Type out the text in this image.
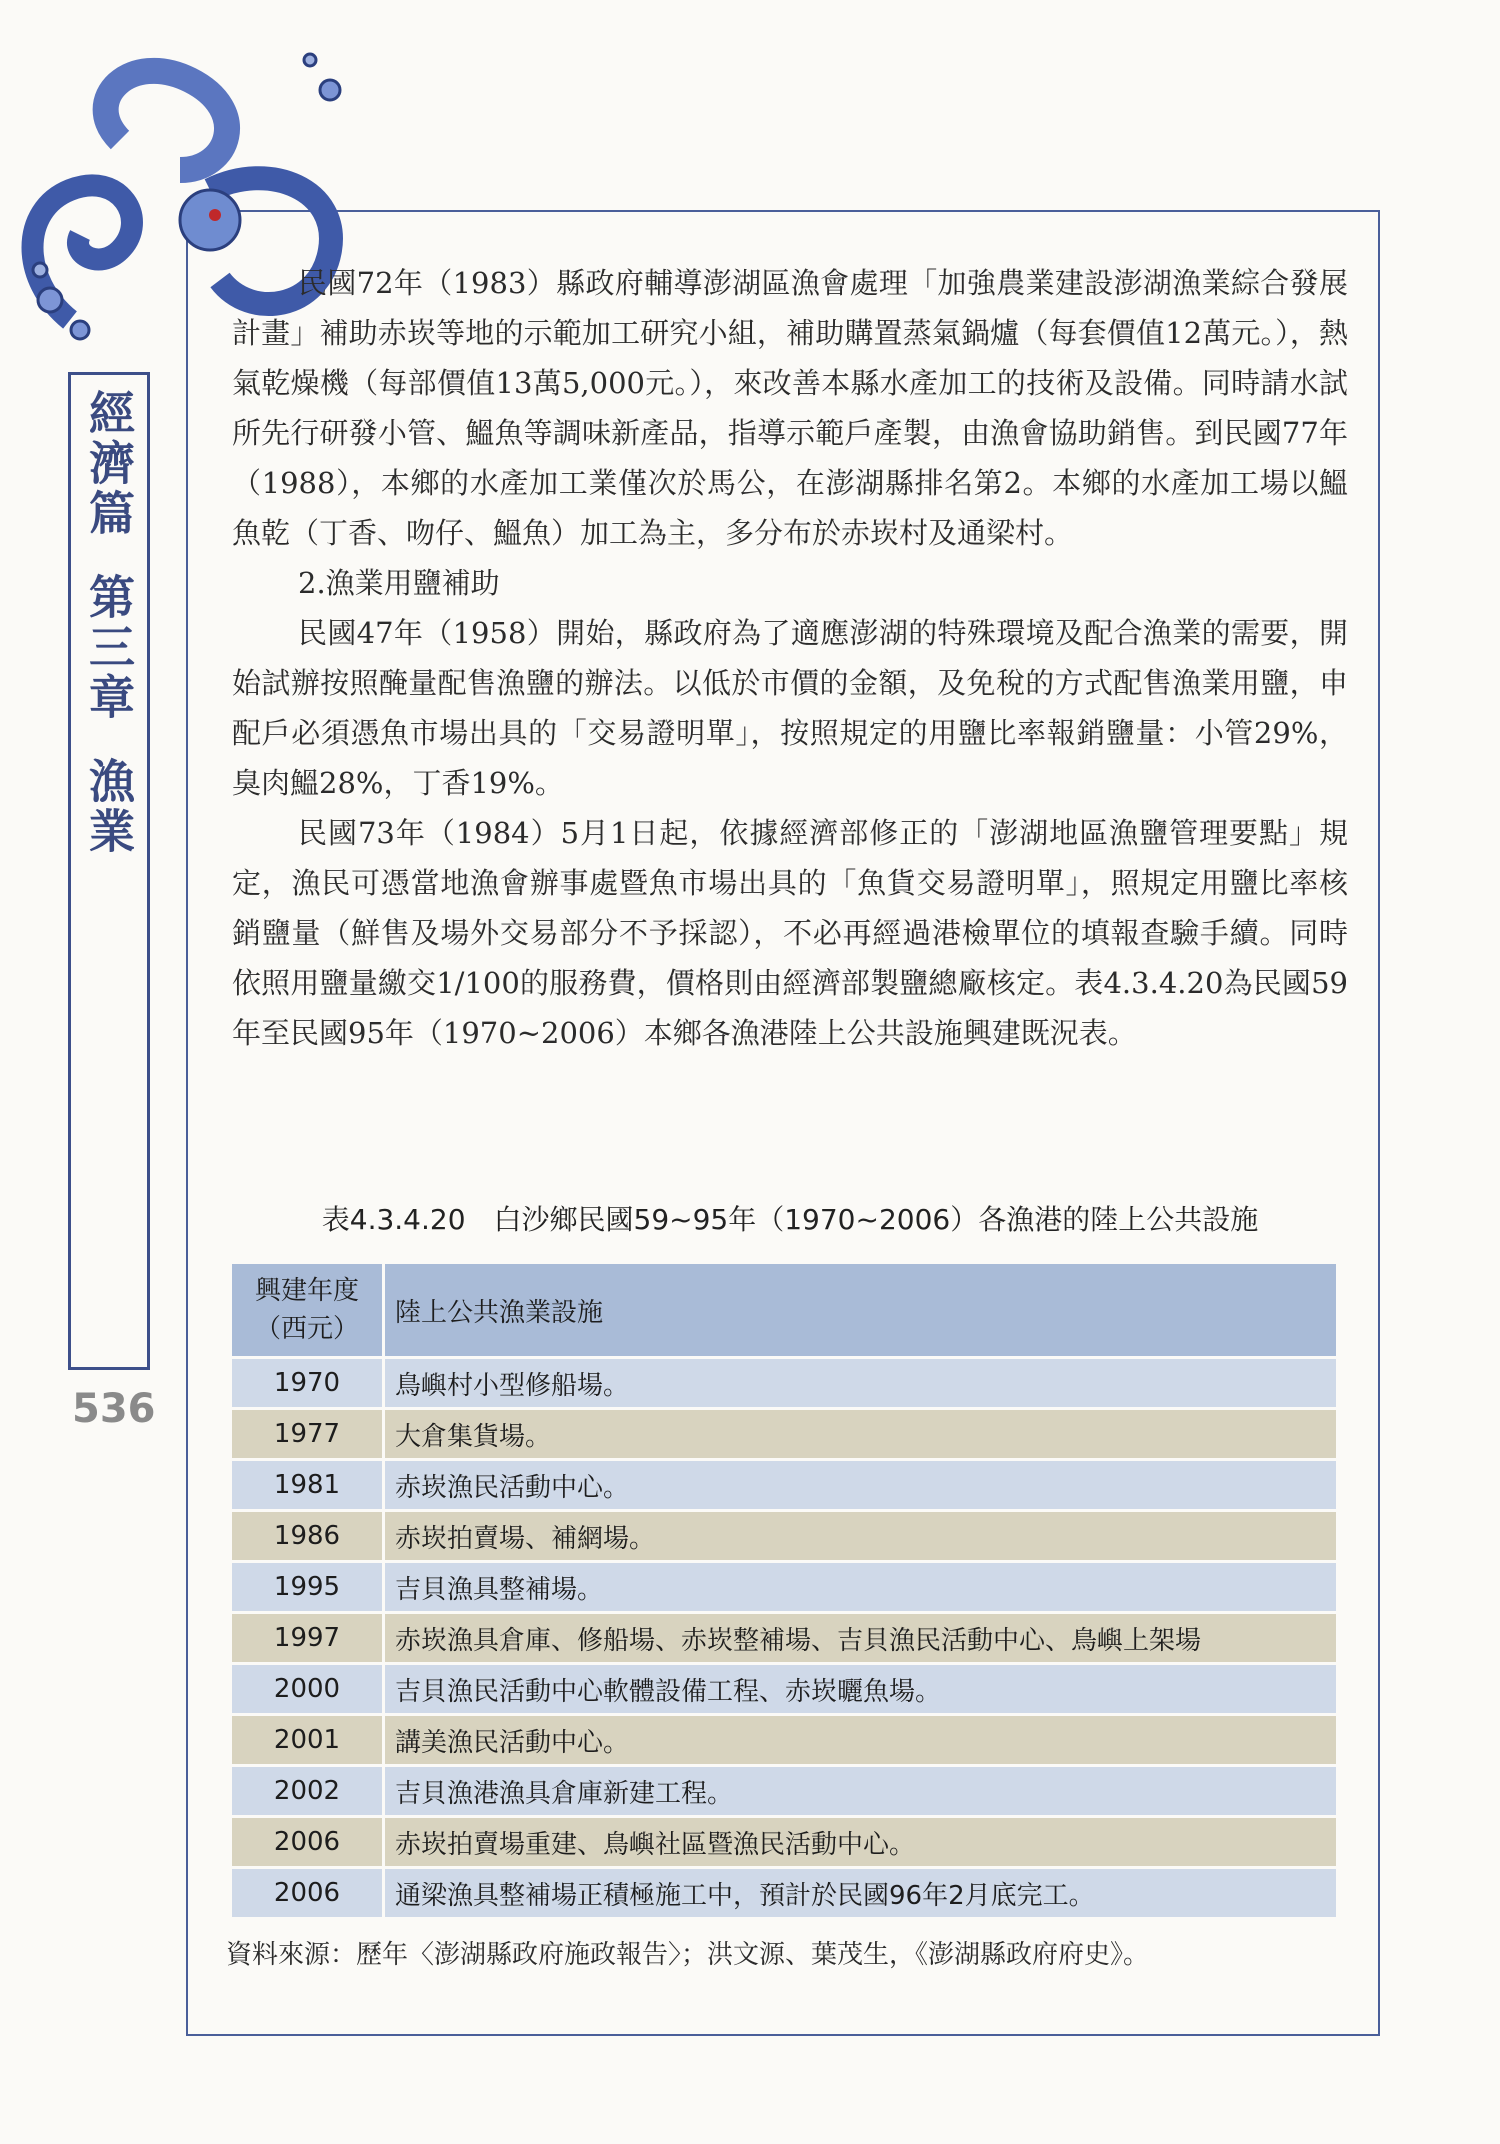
經濟篇
第三章
漁業
536

民國72年（1983）縣政府輔導澎湖區漁會處理「加強農業建設澎湖漁業綜合發展計畫」補助赤崁等地的示範加工研究小組，補助購置蒸氣鍋爐（每套價值12萬元。），熱氣乾燥機（每部價值13萬5,000元。），來改善本縣水產加工的技術及設備。同時請水試所先行研發小管、鰮魚等調味新產品，指導示範戶產製，由漁會協助銷售。到民國77年（1988），本鄉的水產加工業僅次於馬公，在澎湖縣排名第2。本鄉的水產加工場以鰮魚乾（丁香、吻仔、鰮魚）加工為主，多分布於赤崁村及通梁村。

2.漁業用鹽補助

民國47年（1958）開始，縣政府為了適應澎湖的特殊環境及配合漁業的需要，開始試辦按照醃量配售漁鹽的辦法。以低於市價的金額，及免稅的方式配售漁業用鹽，申配戶必須憑魚市場出具的「交易證明單」，按照規定的用鹽比率報銷鹽量：小管29%，臭肉鰮28%，丁香19%。

民國73年（1984）5月1日起，依據經濟部修正的「澎湖地區漁鹽管理要點」規定，漁民可憑當地漁會辦事處暨魚市場出具的「魚貨交易證明單」，照規定用鹽比率核銷鹽量（鮮售及場外交易部分不予採認），不必再經過港檢單位的填報查驗手續。同時依照用鹽量繳交1/100的服務費，價格則由經濟部製鹽總廠核定。表4.3.4.20為民國59年至民國95年（1970~2006）本鄉各漁港陸上公共設施興建既況表。

表4.3.4.20　白沙鄉民國59~95年（1970~2006）各漁港的陸上公共設施
興建年度
（西元）	陸上公共漁業設施
1970	鳥嶼村小型修船場。
1977	大倉集貨場。
1981	赤崁漁民活動中心。
1986	赤崁拍賣場、補網場。
1995	吉貝漁具整補場。
1997	赤崁漁具倉庫、修船場、赤崁整補場、吉貝漁民活動中心、鳥嶼上架場
2000	吉貝漁民活動中心軟體設備工程、赤崁曬魚場。
2001	講美漁民活動中心。
2002	吉貝漁港漁具倉庫新建工程。
2006	赤崁拍賣場重建、鳥嶼社區暨漁民活動中心。
2006	通梁漁具整補場正積極施工中，預計於民國96年2月底完工。
資料來源：歷年〈澎湖縣政府施政報告〉；洪文源、葉茂生，《澎湖縣政府府史》。
